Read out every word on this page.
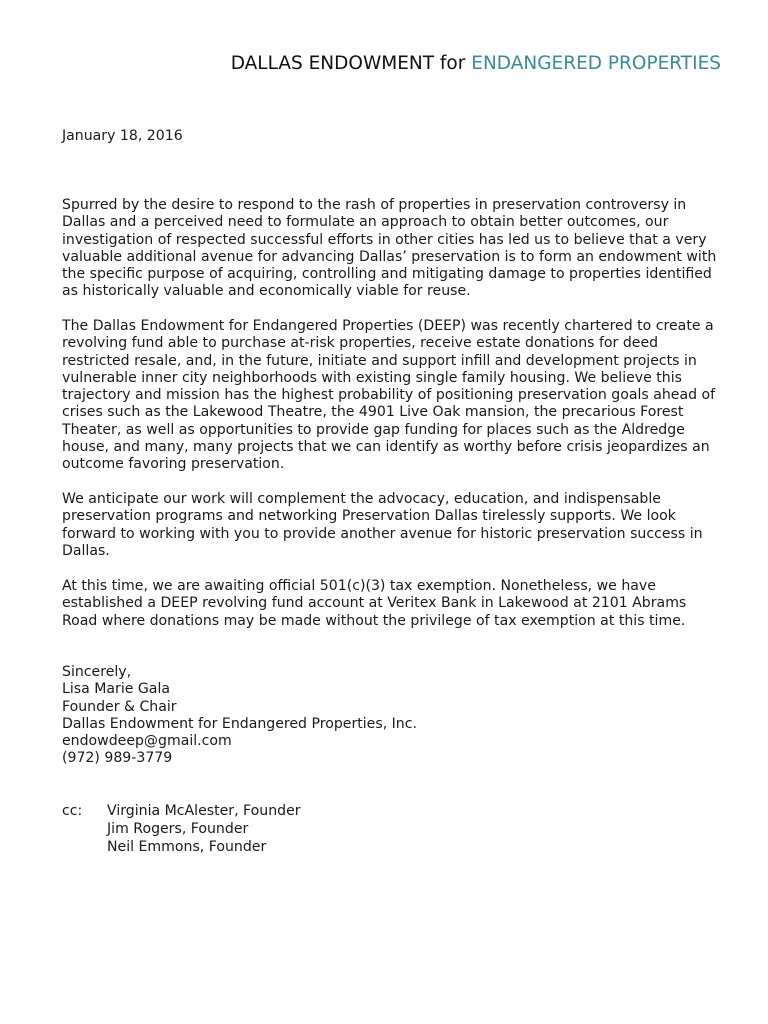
DALLAS ENDOWMENT for ENDANGERED PROPERTIES

January 18, 2016

Spurred by the desire to respond to the rash of properties in preservation controversy in Dallas and a perceived need to formulate an approach to obtain better outcomes, our investigation of respected successful efforts in other cities has led us to believe that a very valuable additional avenue for advancing Dallas’ preservation is to form an endowment with the specific purpose of acquiring, controlling and mitigating damage to properties identified as historically valuable and economically viable for reuse.

The Dallas Endowment for Endangered Properties (DEEP) was recently chartered to create a revolving fund able to purchase at-risk properties, receive estate donations for deed restricted resale, and, in the future, initiate and support infill and development projects in vulnerable inner city neighborhoods with existing single family housing. We believe this trajectory and mission has the highest probability of positioning preservation goals ahead of crises such as the Lakewood Theatre, the 4901 Live Oak mansion, the precarious Forest Theater, as well as opportunities to provide gap funding for places such as the Aldredge house, and many, many projects that we can identify as worthy before crisis jeopardizes an outcome favoring preservation.

We anticipate our work will complement the advocacy, education, and indispensable preservation programs and networking Preservation Dallas tirelessly supports. We look forward to working with you to provide another avenue for historic preservation success in Dallas.

At this time, we are awaiting official 501(c)(3) tax exemption. Nonetheless, we have established a DEEP revolving fund account at Veritex Bank in Lakewood at 2101 Abrams Road where donations may be made without the privilege of tax exemption at this time.

Sincerely,
Lisa Marie Gala
Founder & Chair
Dallas Endowment for Endangered Properties, Inc.
endowdeep@gmail.com
(972) 989-3779
cc: Virginia McAlester, Founder
Jim Rogers, Founder
Neil Emmons, Founder
